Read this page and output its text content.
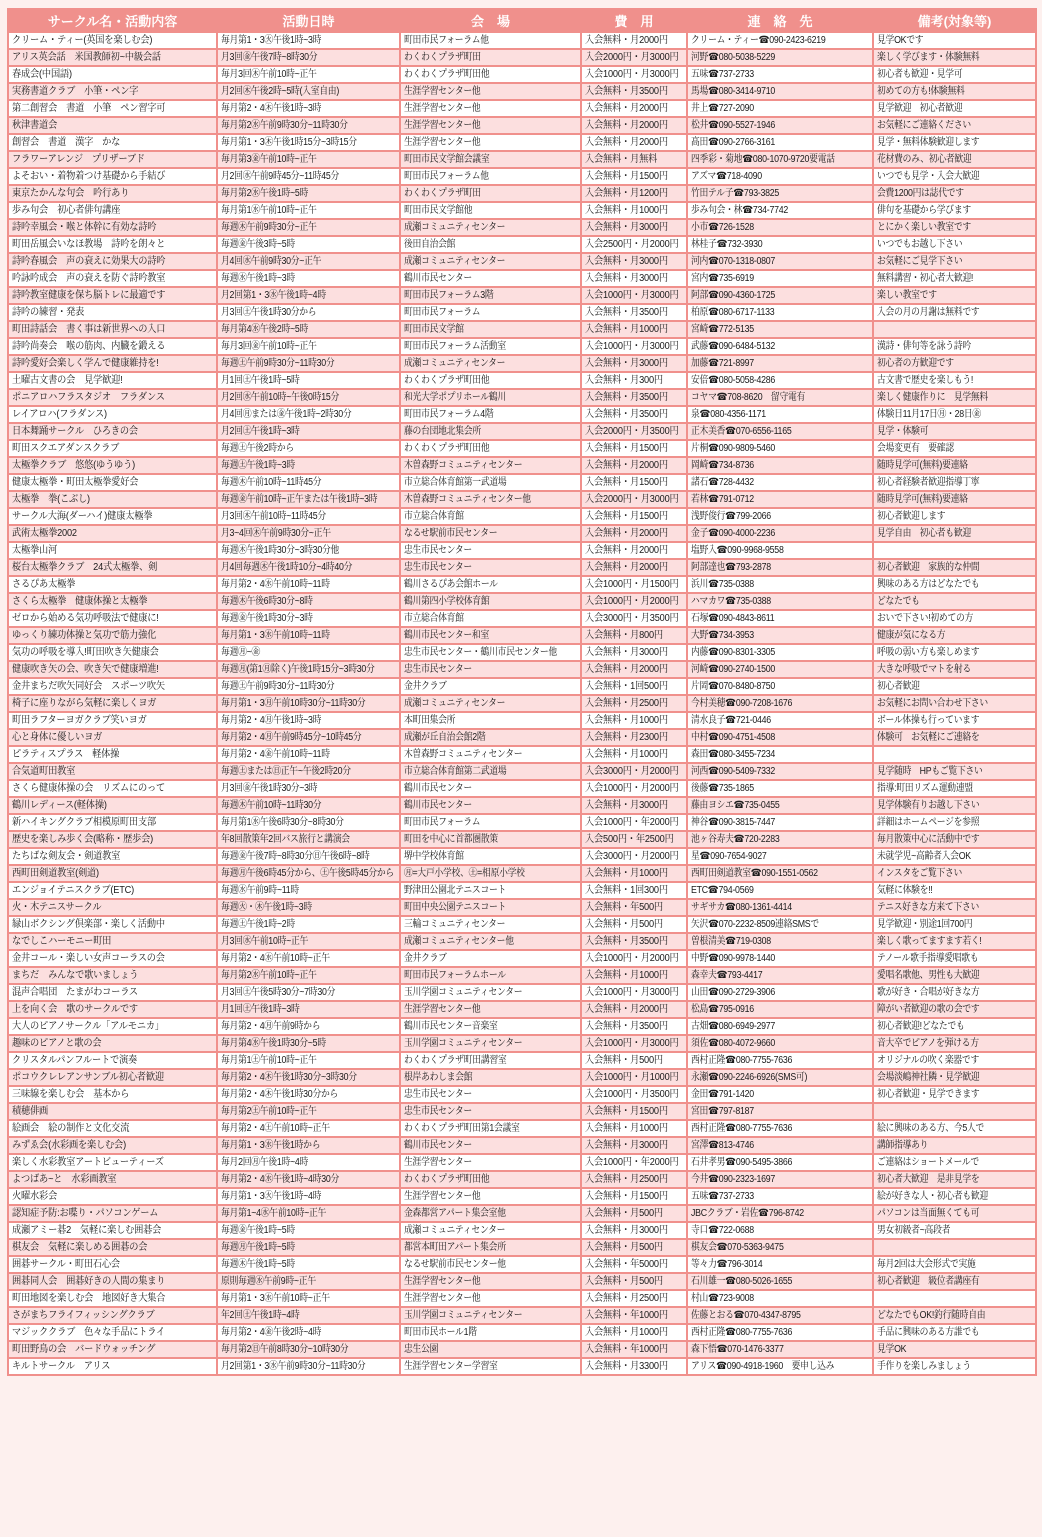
サークル名・活動内容	活動日時	会　場	費　用	連　絡　先	備考(対象等)
クリーム・ティー(英国を楽しむ会)	毎月第1・3㊋午後1時~3時	町田市民フォーラム他	入会無料・月2000円	クリーム・ティー☎090-2423-6219	見学OKです
アリス英会話　米国教師初~中級会話	月3回㊎午後7時~8時30分	わくわくプラザ町田	入会2000円・月3000円	河野☎080-5038-5229	楽しく学びます・体験無料
春成会(中国語)	毎月3回㊍午前10時~正午	わくわくプラザ町田他	入会1000円・月3000円	五味☎737-2733	初心者も歓迎・見学可
実務書道クラブ　小筆・ペン字	月2回㊍午後2時~5時(入室自由)	生涯学習センター他	入会無料・月3500円	馬場☎080-3414-9710	初めての方も!体験無料
第二創習会　書道　小筆　ペン習字可	毎月第2・4㊍午後1時~3時	生涯学習センター他	入会無料・月2000円	井上☎727-2090	見学歓迎　初心者歓迎
秋津書道会	毎月第2㊌午前9時30分~11時30分	生涯学習センター他	入会無料・月2000円	松井☎090-5527-1946	お気軽にご連絡ください
創習会　書道　漢字　かな	毎月第1・3㊍午後1時15分~3時15分	生涯学習センター他	入会無料・月2000円	髙田☎090-2766-3161	見学・無料体験歓迎します
フラワーアレンジ　プリザーブド	毎月第3㊎午前10時~正午	町田市民文学館会議室	入会無料・月無料	四季彩・菊地☎080-1070-9720要電話	花材費のみ、初心者歓迎
よそおい・着物着つけ基礎から手結び	月2回㊌午前9時45分~11時45分	町田市民フォーラム他	入会無料・月1500円	アズマ☎718-4090	いつでも見学・入会大歓迎
東京たかんな句会　吟行あり	毎月第2㊌午後1時~5時	わくわくプラザ町田	入会無料・月1200円	竹田テル子☎793-3825	会費1200円は誌代です
歩み句会　初心者俳句講座	毎月第1㊌午前10時~正午	町田市民文学館他	入会無料・月1000円	歩み句会・林☎734-7742	俳句を基礎から学びます
詩吟幸風会・喉と体幹に有効な詩吟	毎週㊍午前9時30分~正午	成瀬コミュニティセンター	入会無料・月3000円	小市☎726-1528	とにかく楽しい教室です
町田岳風会いなほ教場　詩吟を朗々と	毎週㊎午後3時~5時	後田自治会館	入会2500円・月2000円	林桂子☎732-3930	いつでもお越し下さい
詩吟春風会　声の衰えに効果大の詩吟	月4回㊌午前9時30分~正午	成瀬コミュニティセンター	入会無料・月3000円	河内☎070-1318-0807	お気軽にご見学下さい
吟詠吟成会　声の衰えを防ぐ詩吟教室	毎週㊌午後1時~3時	鶴川市民センター	入会無料・月3000円	宮内☎735-6919	無料講習・初心者大歓迎!
詩吟教室健康を保ち脳トレに最適です	月2回第1・3㊌午後1時~4時	町田市民フォーラム3階	入会1000円・月3000円	阿部☎090-4360-1725	楽しい教室です
詩吟の練習・発表	月3回㊏午後1時30分から	町田市民フォーラム	入会無料・月3500円	柏原☎080-6717-1133	入会の月の月謝は無料です
町田詩話会　書く事は新世界への入口	毎月第4㊌午後2時~5時	町田市民文学館	入会無料・月1000円	宮崎☎772-5135	
詩吟尚奏会　喉の筋肉、内臓を鍛える	毎月3回㊎午前10時~正午	町田市民フォーラム活動室	入会1000円・月3000円	武藤☎090-6484-5132	漢詩・俳句等を詠う詩吟
詩吟愛好会楽しく学んで健康維持を!	毎週㊏午前9時30分~11時30分	成瀬コミュニティセンター	入会無料・月3000円	加藤☎721-8997	初心者の方歓迎です
土曜古文書の会　見学歓迎!	月1回㊏午後1時~5時	わくわくプラザ町田他	入会無料・月300円	安倍☎080-5058-4286	古文書で歴史を楽しもう!
ポニアロハフラスタジオ　フラダンス	月2回㊌午前10時~午後0時15分	和光大学ポプリホール鶴川	入会無料・月3500円	コヤマ☎708-8620　留守電有	楽しく健康作りに　見学無料
レイアロハ(フラダンス)	月4回㊊または㊎午後1時~2時30分	町田市民フォーラム4階	入会無料・月3500円	泉☎080-4356-1171	体験日11月17日㊊・28日㊎
日本舞踊サークル　ひろきの会	月2回㊏午後1時~3時	藤の台団地北集会所	入会2000円・月3500円	正木美香☎070-6556-1165	見学・体験可
町田スクエアダンスクラブ	毎週㊏午後2時から	わくわくプラザ町田他	入会無料・月1500円	片桐☎090-9809-5460	会場変更有　要確認
太極拳クラブ　悠悠(ゆうゆう)	毎週㊏午後1時~3時	木曽森野コミュニティセンター	入会無料・月2000円	岡崎☎734-8736	随時見学可(無料)要連絡
健康太極拳・町田太極拳愛好会	毎週㊍午前10時~11時45分	市立総合体育館第一武道場	入会無料・月1500円	諸石☎728-4432	初心者経験者歓迎指導丁寧
太極拳　拳(こぶし)	毎週㊎午前10時~正午または午後1時~3時	木曽森野コミュニティセンター他	入会2000円・月3000円	若林☎791-0712	随時見学可(無料)要連絡
サークル大海(ダーハイ)健康太極拳	月3回㊍午前10時~11時45分	市立総合体育館	入会無料・月1500円	浅野俊行☎799-2066	初心者歓迎します
武術太極拳2002	月3~4回㊍午前9時30分~正午	なるせ駅前市民センター	入会無料・月2000円	金子☎090-4000-2236	見学自由　初心者も歓迎
太極拳山河	毎週㊍午後1時30分~3時30分他	忠生市民センター	入会無料・月2000円	塩野入☎090-9968-9558	
桜台太極拳クラブ　24式太極拳、剣	月4回毎週㊍午後1時10分~4時40分	忠生市民センター	入会無料・月2000円	阿部達也☎793-2878	初心者歓迎　家族的な仲間
さるぴあ太極拳	毎月第2・4㊌午前10時~11時	鶴川さるぴあ会館ホール	入会1000円・月1500円	浜川☎735-0388	興味のある方はどなたでも
さくら太極拳　健康体操と太極拳	毎週㊍午後6時30分~8時	鶴川第四小学校体育館	入会1000円・月2000円	ハマカワ☎735-0388	どなたでも
ゼロから始める気功呼吸法で健康に!	毎週㊎午後1時30分~3時	市立総合体育館	入会3000円・月3500円	石塚☎090-4843-8611	おいで下さい!初めての方
ゆっくり練功体操と気功で筋力強化	毎月第1・3㊌午前10時~11時	鶴川市民センター和室	入会無料・月800円	大野☎734-3953	健康が気になる方
気功の呼吸を導入!町田吹き矢健康会	毎週㊊~㊎	忠生市民センター・鶴川市民センター他	入会無料・月3000円	内藤☎090-8301-3305	呼吸の弱い方も楽しめます
健康吹き矢の会、吹き矢で健康増進!	毎週㊊(第1㊊除く)午後1時15分~3時30分	忠生市民センター	入会無料・月2000円	河崎☎090-2740-1500	大きな呼吸でマトを射る
金井まちだ吹矢同好会　スポーツ吹矢	毎週㊏午前9時30分~11時30分	金井クラブ	入会無料・1回500円	片岡☎070-8480-8750	初心者歓迎
椅子に座りながら気軽に楽しくヨガ	毎月第1・3㊊午前10時30分~11時30分	成瀬コミュニティセンター	入会無料・月2500円	今村美穂☎090-7208-1676	お気軽にお問い合わせ下さい
町田ラフターヨガクラブ笑いヨガ	毎月第2・4㊊午後1時~3時	本町田集会所	入会無料・月1000円	清水良子☎721-0446	ボール体操も行っています
心と身体に優しいヨガ	毎月第2・4㊊午前9時45分~10時45分	成瀬が丘自治会館2階	入会無料・月2300円	中村☎090-4751-4508	体験可　お気軽にご連絡を
ピラティスプラス　軽体操	毎月第2・4㊎午前10時~11時	木曽森野コミュニティセンター	入会無料・月1000円	森田☎080-3455-7234	
合気道町田教室	毎週㊏または㊐正午~午後2時20分	市立総合体育館第二武道場	入会3000円・月2000円	河西☎090-5409-7332	見学随時　HPもご覧下さい
さくら健康体操の会　リズムにのって	月3回㊎午後1時30分~3時	鶴川市民センター	入会1000円・月2000円	後藤☎735-1865	指導:町田リズム運動連盟
鶴川レディース(軽体操)	毎週㊍午前10時~11時30分	鶴川市民センター	入会無料・月3000円	藤由ヨシエ☎735-0455	見学体験有りお越し下さい
新ハイキングクラブ相模原町田支部	毎月第1㊌午後6時30分~8時30分	町田市民フォーラム	入会1000円・年2000円	神谷☎090-3815-7447	詳細はホームページを参照
歴史を楽しみ歩く会(略称・歴歩会)	年8回散策年2回バス旅行と講演会	町田を中心に首都圏散策	入会500円・年2500円	池ヶ谷寿夫☎720-2283	毎月散策中心に活動中です
たちばな剣友会・剣道教室	毎週㊎午後7時~8時30分㊐午後6時~8時	堺中学校体育館	入会3000円・月2000円	星☎090-7654-9027	未就学児~高齢者入会OK
西町田剣道教室(剣道)	毎週㊊午後6時45分から、㊏午後5時45分から	㊊=大戸小学校、㊏=相原小学校	入会無料・月1000円	西町田剣道教室☎090-1551-0562	インスタをご覧下さい
エンジョイテニスクラブ(ETC)	毎週㊌午前9時~11時	野津田公園北テニスコート	入会無料・1回300円	ETC☎794-0569	気軽に体験を!!
火・木テニスサークル	毎週㊋・㊍午後1時~3時	町田中央公園テニスコート	入会無料・年500円	サギサカ☎080-1361-4414	テニス好きな方来て下さい
緑山ボクシング倶楽部・楽しく活動中	毎週㊏午後1時~2時	三輪コミュニティセンター	入会無料・月500円	矢沢☎070-2232-8509連絡SMSで	見学歓迎・別途1回700円
なでしこハーモニー町田	月3回㊌午前10時~正午	成瀬コミュニティセンター他	入会無料・月3500円	曽根清美☎719-0308	楽しく歌ってますます若く!
金井コール・楽しい女声コーラスの会	毎月第2・4㊌午前10時~正午	金井クラブ	入会1000円・月2000円	中野☎090-9978-1440	テノール歌手指導愛唱歌も
まちだ　みんなで歌いましょう	毎月第2㊌午前10時~正午	町田市民フォーラムホール	入会無料・月1000円	森幸夫☎793-4417	愛唱名歌他、男性も大歓迎
混声合唱団　たまがわコーラス	月3回㊏午後5時30分~7時30分	玉川学園コミュニティセンター	入会1000円・月3000円	山田☎090-2729-3906	歌が好き・合唱が好きな方
上を向く会　歌のサークルです	月1回㊏午後1時~3時	生涯学習センター他	入会無料・月2000円	松島☎795-0916	障がい者歓迎の歌の会です
大人のピアノサークル「アルモニカ」	毎月第2・4㊊午前9時から	鶴川市民センター音楽室	入会無料・月3500円	古畑☎080-6949-2977	初心者歓迎!どなたでも
趣味のピアノと歌の会	毎月第4㊌午後1時30分~5時	玉川学園コミュニティセンター	入会1000円・月3000円	須佐☎080-4072-9660	音大卒でピアノを弾ける方
クリスタルパンフルートで演奏	毎月第1㊏午前10時~正午	わくわくプラザ町田講習室	入会無料・月500円	西村正隆☎080-7755-7636	オリジナルの吹く楽器です
ポコウクレレアンサンブル初心者歓迎	毎月第2・4㊍午後1時30分~3時30分	根岸あわしま会館	入会1000円・月1000円	永瀬☎090-2246-6926(SMS可)	会場淡嶋神社隣・見学歓迎
三味線を楽しむ会　基本から	毎月第2・4㊍午後1時30分から	忠生市民センター	入会1000円・月3500円	金田☎791-1420	初心者歓迎・見学できます
積穂俳画	毎月第2㊏午前10時~正午	忠生市民センター	入会無料・月1500円	宮田☎797-8187	
絵画会　絵の制作と文化交流	毎月第2・4㊏午前10時~正午	わくわくプラザ町田第1会議室	入会無料・月1000円	西村正隆☎080-7755-7636	絵に興味のある方、今5人で
みずゑ会(水彩画を楽しむ会)	毎月第1・3㊌午後1時から	鶴川市民センター	入会無料・月3000円	宮澤☎813-4746	講師指導あり
楽しく水彩教室アートビューティーズ	毎月2回㊊午後1時~4時	生涯学習センター	入会1000円・年2000円	石井孝男☎090-5495-3866	ご連絡はショートメールで
よつばあ~と　水彩画教室	毎月第2・4㊌午後1時~4時30分	わくわくプラザ町田他	入会無料・月2500円	今井☎090-2323-1697	初心者大歓迎　是非見学を
火曜水彩会	毎月第1・3㊋午後1時~4時	生涯学習センター他	入会無料・月1500円	五味☎737-2733	絵が好きな人・初心者も歓迎
認知症予防:お喋り・パソコンゲーム	毎月第1~4㊌午前10時~正午	金森都営アパート集会室他	入会無料・月500円	JBCクラブ・岩佐☎796-8742	パソコンは当面無くても可
成瀬アミー碁2　気軽に楽しむ囲碁会	毎週㊎午後1時~5時	成瀬コミュニティセンター	入会無料・月3000円	寺口☎722-0688	男女初級者~高段者
棋友会　気軽に楽しめる囲碁の会	毎週㊊午後1時~5時	都営本町田アパート集会所	入会無料・月500円	棋友会☎070-5363-9475	
囲碁サークル・町田石心会	毎週㊍午後1時~5時	なるせ駅前市民センター他	入会無料・年5000円	等々力☎796-3014	毎月2回は大会形式で実施
囲碁同人会　囲碁好きの人間の集まり	原則毎週㊌午前9時~正午	生涯学習センター他	入会無料・月500円	石川雄一☎080-5026-1655	初心者歓迎　級位者講座有
町田地図を楽しむ会　地図好き大集合	毎月第1・3㊌午前10時~正午	生涯学習センター他	入会無料・月2500円	村山☎723-9008	
さがまちフライフィッシングクラブ	年2回㊏午後1時~4時	玉川学園コミュニティセンター	入会無料・年1000円	佐藤とおる☎070-4347-8795	どなたでもOK!釣行随時自由
マジッククラブ　色々な手品にトライ	毎月第2・4㊎午後2時~4時	町田市民ホール1階	入会無料・月1000円	西村正隆☎080-7755-7636	手品に興味のある方誰でも
町田野鳥の会　バードウォッチング	毎月第2㊐午前8時30分~10時30分	忠生公園	入会無料・年1000円	森下悟☎070-1476-3377	見学OK
キルトサークル　アリス	月2回第1・3㊌午前9時30分~11時30分	生涯学習センター学習室	入会無料・月3300円	アリス☎090-4918-1960　要申し込み	手作りを楽しみましょう
